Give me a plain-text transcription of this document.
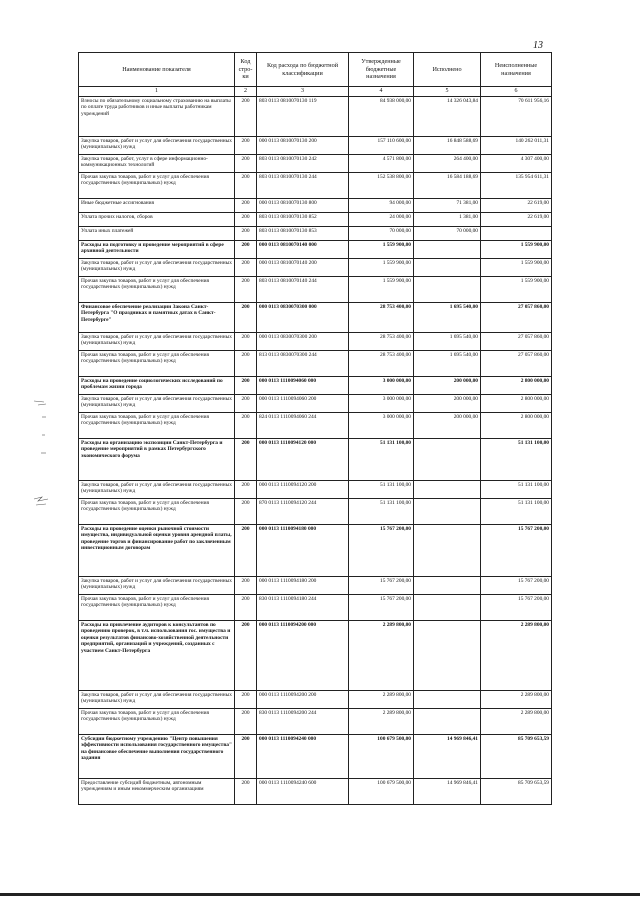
13
Наименование показателя	Код стро-ки	Код расхода по бюджетной классификации	Утвержденные бюджетные назначения	Исполнено	Неисполненные назначения
1	2	3	4	5	6
Взносы по обязательному социальному страхованию на выплаты по оплате труда работников и иные выплаты работникам учреждений	200	803 0113 0810070130 119	84 938 000,00	14 326 043,84	70 611 956,16
Закупка товаров, работ и услуг для обеспечения государственных (муниципальных) нужд	200	000 0113 0810070130 200	157 110 600,00	16 848 588,69	140 262 011,31
Закупка товаров, работ, услуг в сфере информационно-коммуникационных технологий	200	803 0113 0810070130 242	4 571 800,00	264 400,00	4 307 400,00
Прочая закупка товаров, работ и услуг для обеспечения государственных (муниципальных) нужд	200	803 0113 0810070130 244	152 538 800,00	16 584 188,69	135 954 611,31
Иные бюджетные ассигнования	200	000 0113 0810070130 800	94 000,00	71 381,00	22 619,00
Уплата прочих налогов, сборов	200	803 0113 0810070130 852	24 000,00	1 381,00	22 619,00
Уплата иных платежей	200	803 0113 0810070130 853	70 000,00	70 000,00	
Расходы на подготовку и проведение мероприятий в сфере архивной деятельности	200	000 0113 0810070140 000	1 559 900,00		1 559 900,00
Закупка товаров, работ и услуг для обеспечения государственных (муниципальных) нужд	200	000 0113 0810070140 200	1 559 900,00		1 559 900,00
Прочая закупка товаров, работ и услуг для обеспечения государственных (муниципальных) нужд	200	803 0113 0810070140 244	1 559 900,00		1 559 900,00
Финансовое обеспечение реализации Закона Санкт-Петербурга "О праздниках и памятных датах в Санкт-Петербурге"	200	000 0113 0830070300 000	28 753 400,00	1 695 540,00	27 057 860,00
Закупка товаров, работ и услуг для обеспечения государственных (муниципальных) нужд	200	000 0113 0830070300 200	28 753 400,00	1 695 540,00	27 057 860,00
Прочая закупка товаров, работ и услуг для обеспечения государственных (муниципальных) нужд	200	813 0113 0830070300 244	28 753 400,00	1 695 540,00	27 057 860,00
Расходы на проведение социологических исследований по проблемам жизни города	200	000 0113 1110094060 000	3 000 000,00	200 000,00	2 800 000,00
Закупка товаров, работ и услуг для обеспечения государственных (муниципальных) нужд	200	000 0113 1110094060 200	3 000 000,00	200 000,00	2 800 000,00
Прочая закупка товаров, работ и услуг для обеспечения государственных (муниципальных) нужд	200	824 0113 1110094060 244	3 000 000,00	200 000,00	2 800 000,00
Расходы на организацию экспозиции Санкт-Петербурга и проведение мероприятий в рамках Петербургского экономического форума	200	000 0113 1110094120 000	51 131 100,00		51 131 100,00
Закупка товаров, работ и услуг для обеспечения государственных (муниципальных) нужд	200	000 0113 1110094120 200	51 131 100,00		51 131 100,00
Прочая закупка товаров, работ и услуг для обеспечения государственных (муниципальных) нужд	200	870 0113 1110094120 244	51 131 100,00		51 131 100,00
Расходы на проведение оценки рыночной стоимости имущества, индивидуальной оценки уровня арендной платы, проведение торгов и финансирование работ по заключенным инвестиционным договорам	200	000 0113 1110094180 000	15 767 200,00		15 767 200,00
Закупка товаров, работ и услуг для обеспечения государственных (муниципальных) нужд	200	000 0113 1110094180 200	15 767 200,00		15 767 200,00
Прочая закупка товаров, работ и услуг для обеспечения государственных (муниципальных) нужд	200	830 0113 1110094180 244	15 767 200,00		15 767 200,00
Расходы на привлечение аудиторов к консультантов по проведению проверок, в т.ч. использования гос. имущества и оценки результатов финансово-хозяйственной деятельности предприятий, организаций и учреждений, созданных с участием Санкт-Петербурга	200	000 0113 1110094200 000	2 289 800,00		2 289 800,00
Закупка товаров, работ и услуг для обеспечения государственных (муниципальных) нужд	200	000 0113 1110094200 200	2 289 800,00		2 289 800,00
Прочая закупка товаров, работ и услуг для обеспечения государственных (муниципальных) нужд	200	830 0113 1110094200 244	2 289 800,00		2 289 800,00
Субсидии бюджетному учреждению "Центр повышения эффективности использования государственного имущества" на финансовое обеспечение выполнения государственного задания	200	000 0113 1110094240 000	100 679 500,00	14 969 846,41	85 709 653,59
Предоставление субсидий бюджетным, автономным учреждениям и иным некоммерческим организациям	200	000 0113 1110094240 600	100 679 500,00	14 969 846,41	85 709 653,59
